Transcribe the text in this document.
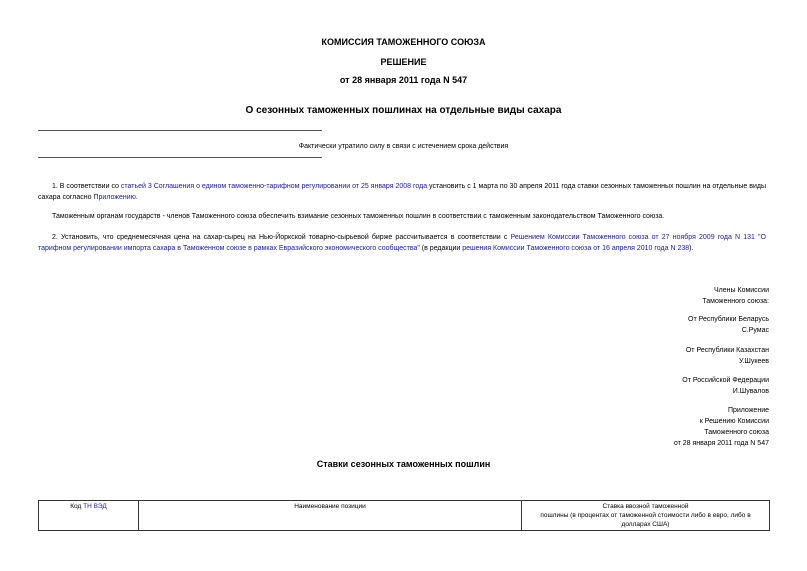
КОМИССИЯ ТАМОЖЕННОГО СОЮЗА
РЕШЕНИЕ
от 28 января 2011 года N 547
О сезонных таможенных пошлинах на отдельные виды сахара
Фактически утратило силу в связи с истечением срока действия
1. В соответствии со статьей 3 Соглашения о едином таможенно-тарифном регулировании от 25 января 2008 года установить с 1 марта по 30 апреля 2011 года ставки сезонных таможенных пошлин на отдельные виды сахара согласно Приложению.
Таможенным органам государств - членов Таможенного союза обеспечить взимание сезонных таможенных пошлин в соответствии с таможенным законодательством Таможенного союза.
2. Установить, что среднемесячная цена на сахар-сырец на Нью-Йоркской товарно-сырьевой бирже рассчитывается в соответствии с Решением Комиссии Таможенного союза от 27 ноября 2009 года N 131 "О тарифном регулировании импорта сахара в Таможенном союзе в рамках Евразийского экономического сообщества" (в редакции решения Комиссии Таможенного союза от 16 апреля 2010 года N 238).
Члены Комиссии
Таможенного союза:
От Республики Беларусь
С.Румас
От Республики Казахстан
У.Шукеев
От Российской Федерации
И.Шувалов
Приложение
к Решению Комиссии
Таможенного союза
от 28 января 2011 года N 547
Ставки сезонных таможенных пошлин
Код ТН ВЭД	Наименование позиции	Ставка ввозной таможенной
пошлины (в процентах от таможенной стоимости либо в евро, либо в долларах США)
